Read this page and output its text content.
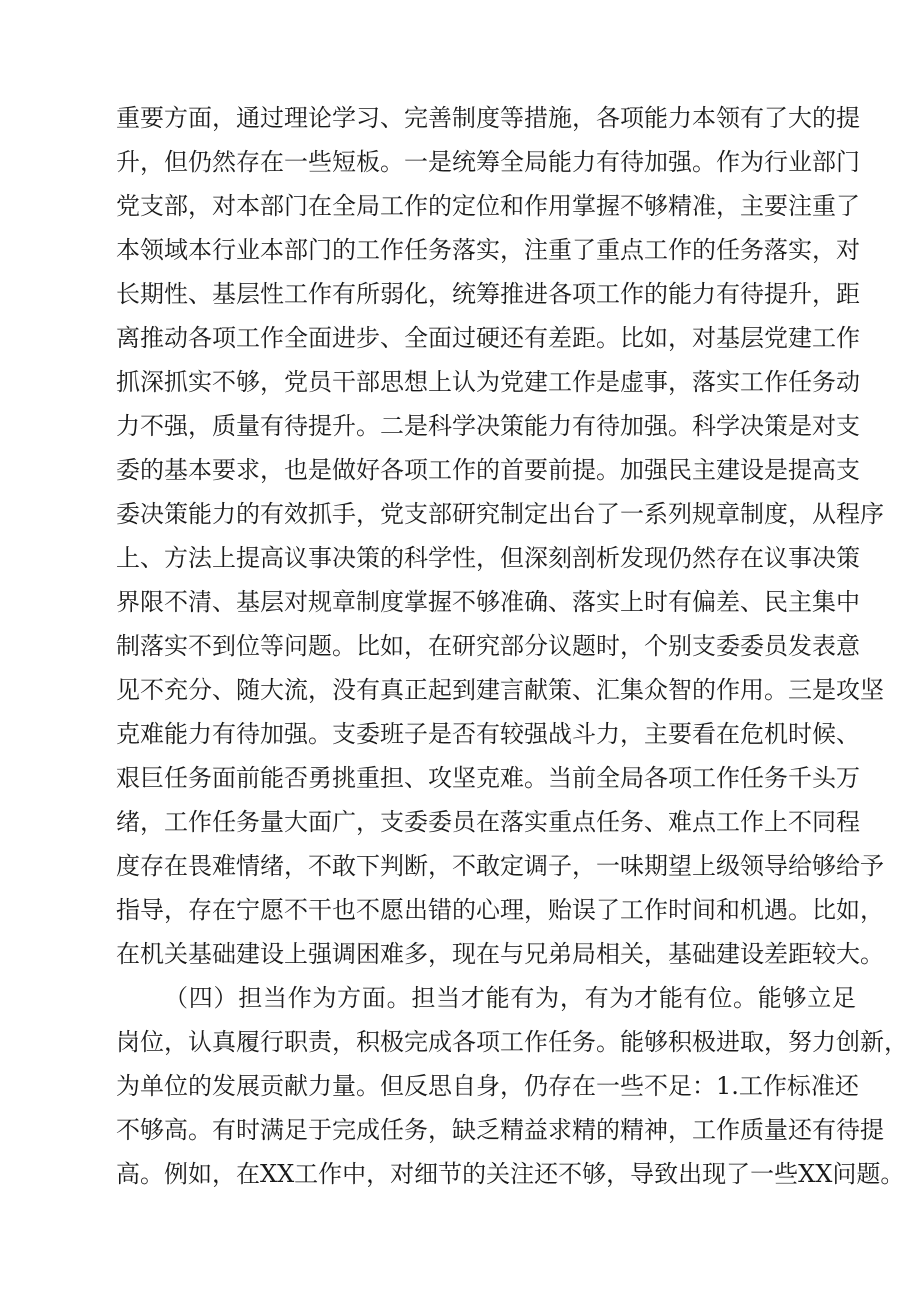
重要方面，通过理论学习、完善制度等措施，各项能力本领有了大的提
升，但仍然存在一些短板。一是统筹全局能力有待加强。作为行业部门
党支部，对本部门在全局工作的定位和作用掌握不够精准，主要注重了
本领域本行业本部门的工作任务落实，注重了重点工作的任务落实，对
长期性、基层性工作有所弱化，统筹推进各项工作的能力有待提升，距
离推动各项工作全面进步、全面过硬还有差距。比如，对基层党建工作
抓深抓实不够，党员干部思想上认为党建工作是虚事，落实工作任务动
力不强，质量有待提升。二是科学决策能力有待加强。科学决策是对支
委的基本要求，也是做好各项工作的首要前提。加强民主建设是提高支
委决策能力的有效抓手，党支部研究制定出台了一系列规章制度，从程序
上、方法上提高议事决策的科学性，但深刻剖析发现仍然存在议事决策
界限不清、基层对规章制度掌握不够准确、落实上时有偏差、民主集中
制落实不到位等问题。比如，在研究部分议题时，个别支委委员发表意
见不充分、随大流，没有真正起到建言献策、汇集众智的作用。三是攻坚
克难能力有待加强。支委班子是否有较强战斗力，主要看在危机时候、
艰巨任务面前能否勇挑重担、攻坚克难。当前全局各项工作任务千头万
绪，工作任务量大面广，支委委员在落实重点任务、难点工作上不同程
度存在畏难情绪，不敢下判断，不敢定调子，一味期望上级领导给够给予
指导，存在宁愿不干也不愿出错的心理，贻误了工作时间和机遇。比如，
在机关基础建设上强调困难多，现在与兄弟局相关，基础建设差距较大。
（四）担当作为方面。担当才能有为，有为才能有位。能够立足
岗位，认真履行职责，积极完成各项工作任务。能够积极进取，努力创新，
为单位的发展贡献力量。但反思自身，仍存在一些不足：1.工作标准还
不够高。有时满足于完成任务，缺乏精益求精的精神，工作质量还有待提
高。例如，在XX工作中，对细节的关注还不够，导致出现了一些XX问题。
